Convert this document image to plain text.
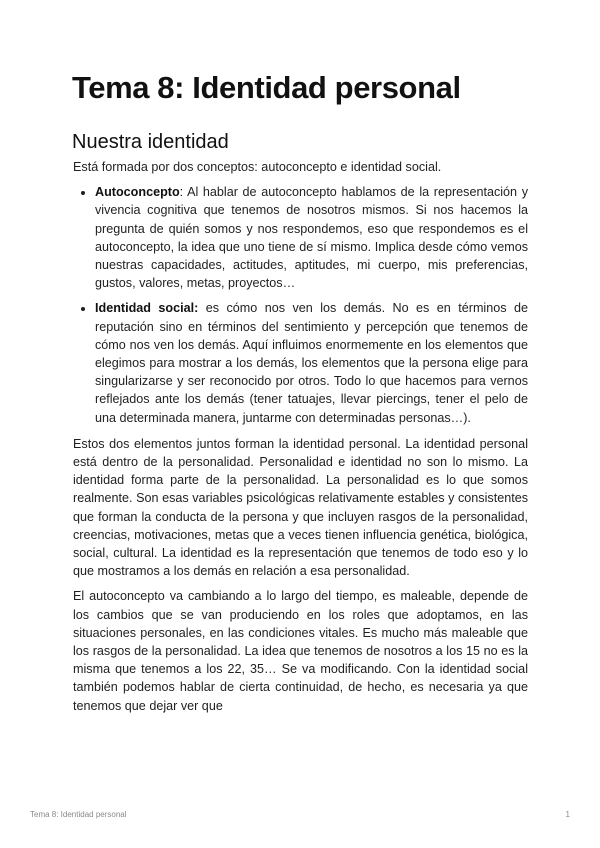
Tema 8: Identidad personal
Nuestra identidad

Está formada por dos conceptos: autoconcepto e identidad social.

• Autoconcepto: Al hablar de autoconcepto hablamos de la representación y vivencia cognitiva que tenemos de nosotros mismos. Si nos hacemos la pregunta de quién somos y nos respondemos, eso que respondemos es el autoconcepto, la idea que uno tiene de sí mismo. Implica desde cómo vemos nuestras capacidades, actitudes, aptitudes, mi cuerpo, mis preferencias, gustos, valores, metas, proyectos…
• Identidad social: es cómo nos ven los demás. No es en términos de reputación sino en términos del sentimiento y percepción que tenemos de cómo nos ven los demás. Aquí influimos enormemente en los elementos que elegimos para mostrar a los demás, los elementos que la persona elige para singularizarse y ser reconocido por otros. Todo lo que hacemos para vernos reflejados ante los demás (tener tatuajes, llevar piercings, tener el pelo de una determinada manera, juntarme con determinadas personas…).

Estos dos elementos juntos forman la identidad personal. La identidad personal está dentro de la personalidad. Personalidad e identidad no son lo mismo. La identidad forma parte de la personalidad. La personalidad es lo que somos realmente. Son esas variables psicológicas relativamente estables y consistentes que forman la conducta de la persona y que incluyen rasgos de la personalidad, creencias, motivaciones, metas que a veces tienen influencia genética, biológica, social, cultural. La identidad es la representación que tenemos de todo eso y lo que mostramos a los demás en relación a esa personalidad.

El autoconcepto va cambiando a lo largo del tiempo, es maleable, depende de los cambios que se van produciendo en los roles que adoptamos, en las situaciones personales, en las condiciones vitales. Es mucho más maleable que los rasgos de la personalidad. La idea que tenemos de nosotros a los 15 no es la misma que tenemos a los 22, 35… Se va modificando. Con la identidad social también podemos hablar de cierta continuidad, de hecho, es necesaria ya que tenemos que dejar ver que

Tema 8: Identidad personal	1
